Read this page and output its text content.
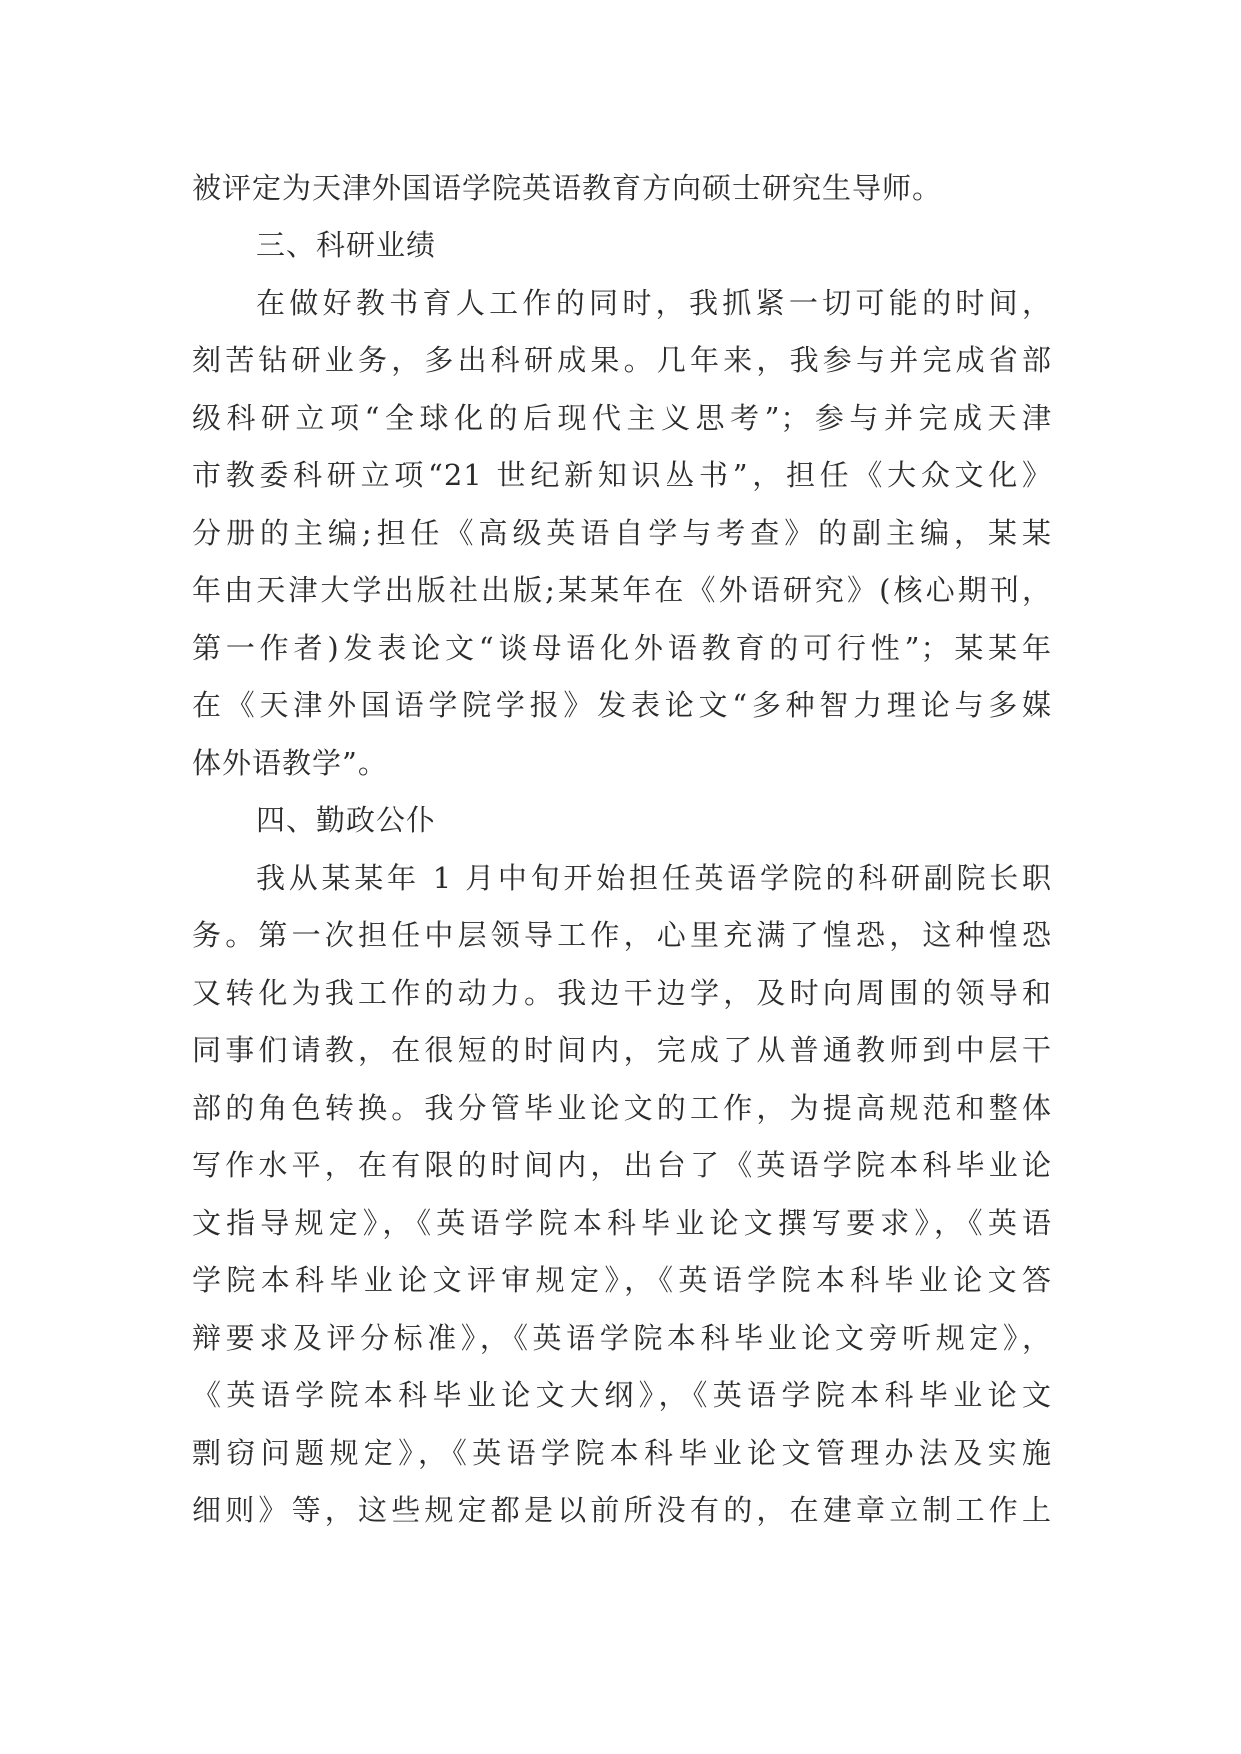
被评定为天津外国语学院英语教育方向硕士研究生导师。
三、科研业绩
在做好教书育人工作的同时，我抓紧一切可能的时间，
刻苦钻研业务，多出科研成果。几年来，我参与并完成省部
级科研立项“全球化的后现代主义思考”；参与并完成天津
市教委科研立项“21 世纪新知识丛书”，担任《大众文化》
分册的主编;担任《高级英语自学与考查》的副主编，某某
年由天津大学出版社出版;某某年在《外语研究》(核心期刊，
第一作者)发表论文“谈母语化外语教育的可行性”；某某年
在《天津外国语学院学报》发表论文“多种智力理论与多媒
体外语教学”。
四、勤政公仆
我从某某年 1 月中旬开始担任英语学院的科研副院长职
务。第一次担任中层领导工作，心里充满了惶恐，这种惶恐
又转化为我工作的动力。我边干边学，及时向周围的领导和
同事们请教，在很短的时间内，完成了从普通教师到中层干
部的角色转换。我分管毕业论文的工作，为提高规范和整体
写作水平，在有限的时间内，出台了《英语学院本科毕业论
文指导规定》，《英语学院本科毕业论文撰写要求》，《英语
学院本科毕业论文评审规定》，《英语学院本科毕业论文答
辩要求及评分标准》，《英语学院本科毕业论文旁听规定》，
《英语学院本科毕业论文大纲》，《英语学院本科毕业论文
剽窃问题规定》，《英语学院本科毕业论文管理办法及实施
细则》等，这些规定都是以前所没有的，在建章立制工作上
